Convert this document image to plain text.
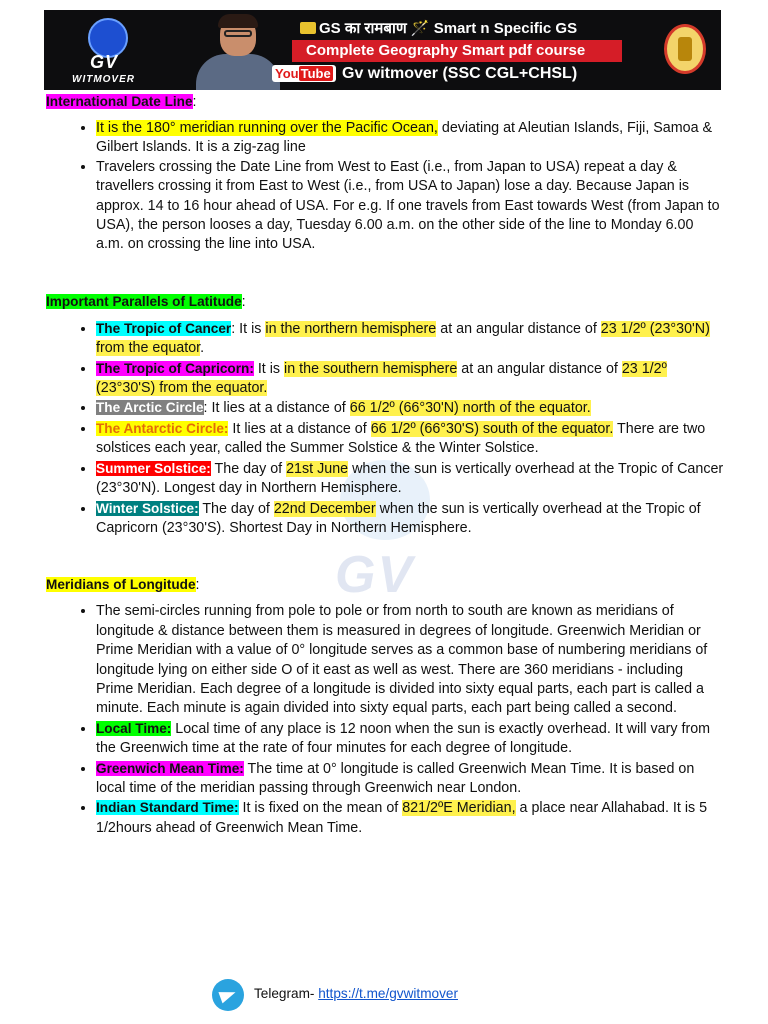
GV
WITMOVER
GS का रामबाण 🪄 Smart n Specific GS
Complete Geography Smart pdf course
You Tube Gv witmover (SSC CGL+CHSL)
GV
International Date Line:
• It is the 180° meridian running over the Pacific Ocean, deviating at Aleutian Islands, Fiji, Samoa & Gilbert Islands. It is a zig-zag line
• Travelers crossing the Date Line from West to East (i.e., from Japan to USA) repeat a day & travellers crossing it from East to West (i.e., from USA to Japan) lose a day. Because Japan is approx. 14 to 16 hour ahead of USA. For e.g. If one travels from East towards West (from Japan to USA), the person looses a day, Tuesday 6.00 a.m. on the other side of the line to Monday 6.00 a.m. on crossing the line into USA.
Important Parallels of Latitude:
• The Tropic of Cancer: It is in the northern hemisphere at an angular distance of 23 1/2º (23°30'N) from the equator.
• The Tropic of Capricorn: It is in the southern hemisphere at an angular distance of 23 1/2º (23°30'S) from the equator.
• The Arctic Circle: It lies at a distance of 66 1/2º (66°30'N) north of the equator.
• The Antarctic Circle: It lies at a distance of 66 1/2º (66°30'S) south of the equator. There are two solstices each year, called the Summer Solstice & the Winter Solstice.
• Summer Solstice: The day of 21st June when the sun is vertically overhead at the Tropic of Cancer (23°30'N). Longest day in Northern Hemisphere.
• Winter Solstice: The day of 22nd December when the sun is vertically overhead at the Tropic of Capricorn (23°30'S). Shortest Day in Northern Hemisphere.
Meridians of Longitude:
• The semi-circles running from pole to pole or from north to south are known as meridians of longitude & distance between them is measured in degrees of longitude. Greenwich Meridian or Prime Meridian with a value of 0° longitude serves as a common base of numbering meridians of longitude lying on either side O of it east as well as west. There are 360 meridians - including Prime Meridian. Each degree of a longitude is divided into sixty equal parts, each part is called a minute. Each minute is again divided into sixty equal parts, each part being called a second.
• Local Time: Local time of any place is 12 noon when the sun is exactly overhead. It will vary from the Greenwich time at the rate of four minutes for each degree of longitude.
• Greenwich Mean Time: The time at 0° longitude is called Greenwich Mean Time. It is based on local time of the meridian passing through Greenwich near London.
• Indian Standard Time: It is fixed on the mean of 821/2ºE Meridian, a place near Allahabad. It is 5 1/2hours ahead of Greenwich Mean Time.
Telegram- https://t.me/gvwitmover
